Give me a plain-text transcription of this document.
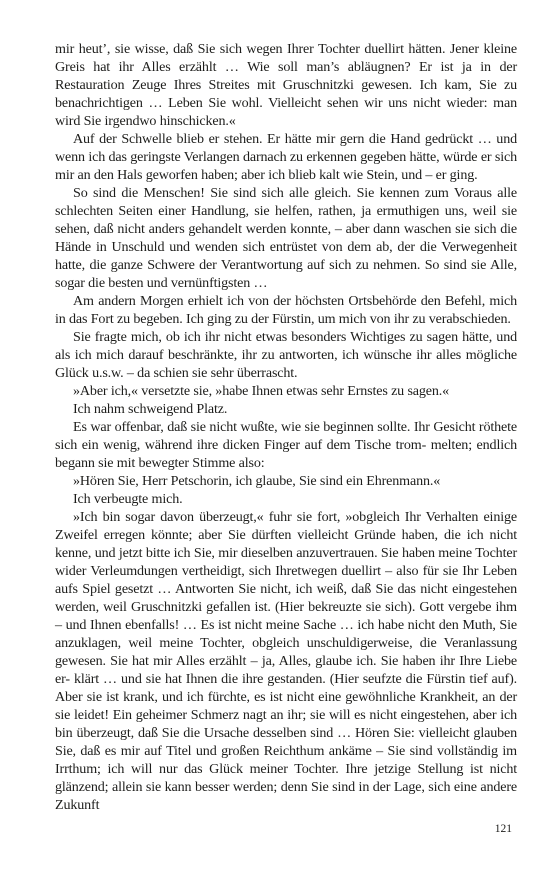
mir heut’, sie wisse, daß Sie sich wegen Ihrer Tochter duellirt hätten. Jener kleine Greis hat ihr Alles erzählt … Wie soll man’s abläugnen? Er ist ja in der Restauration Zeuge Ihres Streites mit Gruschnitzki gewesen. Ich kam, Sie zu benachrichtigen … Leben Sie wohl. Vielleicht sehen wir uns nicht wieder: man wird Sie irgendwo hinschicken.«

Auf der Schwelle blieb er stehen. Er hätte mir gern die Hand gedrückt … und wenn ich das geringste Verlangen darnach zu erkennen gegeben hätte, würde er sich mir an den Hals geworfen haben; aber ich blieb kalt wie Stein, und – er ging.

So sind die Menschen! Sie sind sich alle gleich. Sie kennen zum Voraus alle schlechten Seiten einer Handlung, sie helfen, rathen, ja ermuthigen uns, weil sie sehen, daß nicht anders gehandelt werden konnte, – aber dann waschen sie sich die Hände in Unschuld und wenden sich entrüstet von dem ab, der die Verwegenheit hatte, die ganze Schwere der Verantwortung auf sich zu nehmen. So sind sie Alle, sogar die besten und vernünftigsten …

Am andern Morgen erhielt ich von der höchsten Ortsbehörde den Befehl, mich in das Fort zu begeben. Ich ging zu der Fürstin, um mich von ihr zu verabschieden.

Sie fragte mich, ob ich ihr nicht etwas besonders Wichtiges zu sagen hätte, und als ich mich darauf beschränkte, ihr zu antworten, ich wünsche ihr alles mögliche Glück u.s.w. – da schien sie sehr überrascht.

»Aber ich,« versetzte sie, »habe Ihnen etwas sehr Ernstes zu sagen.«

Ich nahm schweigend Platz.

Es war offenbar, daß sie nicht wußte, wie sie beginnen sollte. Ihr Gesicht röthete sich ein wenig, während ihre dicken Finger auf dem Tische trom- melten; endlich begann sie mit bewegter Stimme also:

»Hören Sie, Herr Petschorin, ich glaube, Sie sind ein Ehrenmann.«

Ich verbeugte mich.

»Ich bin sogar davon überzeugt,« fuhr sie fort, »obgleich Ihr Verhalten einige Zweifel erregen könnte; aber Sie dürften vielleicht Gründe haben, die ich nicht kenne, und jetzt bitte ich Sie, mir dieselben anzuvertrauen. Sie haben meine Tochter wider Verleumdungen vertheidigt, sich Ihretwegen duellirt – also für sie Ihr Leben aufs Spiel gesetzt … Antworten Sie nicht, ich weiß, daß Sie das nicht eingestehen werden, weil Gruschnitzki gefallen ist. (Hier bekreuzte sie sich). Gott vergebe ihm – und Ihnen ebenfalls! … Es ist nicht meine Sache … ich habe nicht den Muth, Sie anzuklagen, weil meine Tochter, obgleich unschuldigerweise, die Veranlassung gewesen. Sie hat mir Alles erzählt – ja, Alles, glaube ich. Sie haben ihr Ihre Liebe er- klärt … und sie hat Ihnen die ihre gestanden. (Hier seufzte die Fürstin tief auf). Aber sie ist krank, und ich fürchte, es ist nicht eine gewöhnliche Krankheit, an der sie leidet! Ein geheimer Schmerz nagt an ihr; sie will es nicht eingestehen, aber ich bin überzeugt, daß Sie die Ursache desselben sind … Hören Sie: vielleicht glauben Sie, daß es mir auf Titel und großen Reichthum ankäme – Sie sind vollständig im Irrthum; ich will nur das Glück meiner Tochter. Ihre jetzige Stellung ist nicht glänzend; allein sie kann besser werden; denn Sie sind in der Lage, sich eine andere Zukunft

121
